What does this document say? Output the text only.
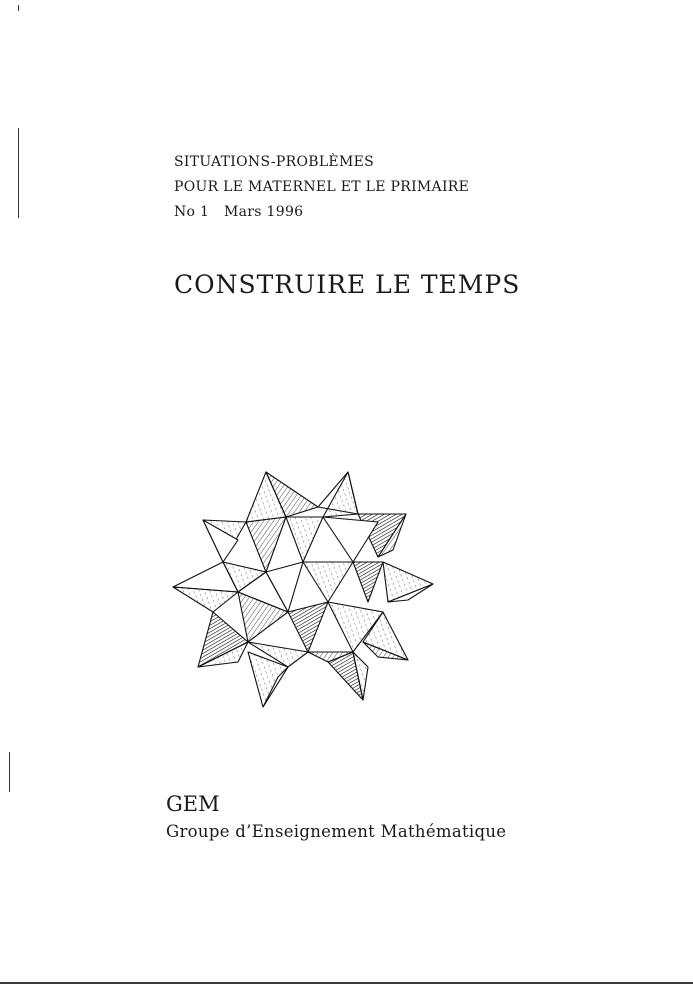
SITUATIONS-PROBLÈMES
POUR LE MATERNEL ET LE PRIMAIRE
No 1 Mars 1996
CONSTRUIRE LE TEMPS
GEM
Groupe d’Enseignement Mathématique
